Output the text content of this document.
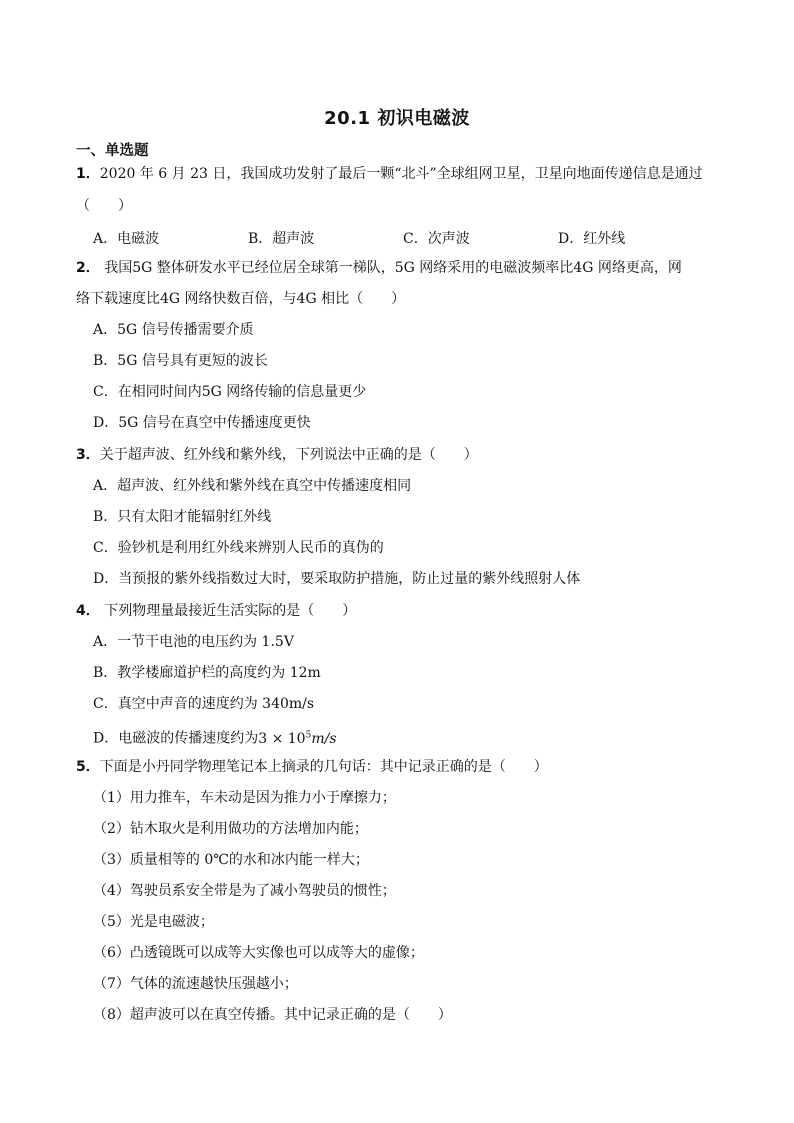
20.1 初识电磁波
一、单选题
1．2020 年 6 月 23 日，我国成功发射了最后一颗“北斗”全球组网卫星，卫星向地面传递信息是通过
（　　）
A．电磁波	B．超声波	C．次声波	D．红外线
2． 我国5G 整体研发水平已经位居全球第一梯队，5G 网络采用的电磁波频率比4G 网络更高，网
络下载速度比4G 网络快数百倍，与4G 相比（　　）
A．5G 信号传播需要介质
B．5G 信号具有更短的波长
C．在相同时间内5G 网络传输的信息量更少
D．5G 信号在真空中传播速度更快
3．关于超声波、红外线和紫外线，下列说法中正确的是（　　）
A．超声波、红外线和紫外线在真空中传播速度相同
B．只有太阳才能辐射红外线
C．验钞机是利用红外线来辨别人民币的真伪的
D．当预报的紫外线指数过大时，要采取防护措施，防止过量的紫外线照射人体
4． 下列物理量最接近生活实际的是（　　）
A．一节干电池的电压约为 1.5V
B．教学楼廊道护栏的高度约为 12m
C．真空中声音的速度约为 340m/s
D．电磁波的传播速度约为$3 \times 10^5m/s$
5．下面是小丹同学物理笔记本上摘录的几句话：其中记录正确的是（　　）
（1）用力推车，车未动是因为推力小于摩擦力；
（2）钻木取火是利用做功的方法增加内能；
（3）质量相等的 0℃的水和冰内能一样大；
（4）驾驶员系安全带是为了减小驾驶员的惯性；
（5）光是电磁波；
（6）凸透镜既可以成等大实像也可以成等大的虚像；
（7）气体的流速越快压强越小；
（8）超声波可以在真空传播。其中记录正确的是（　　）
